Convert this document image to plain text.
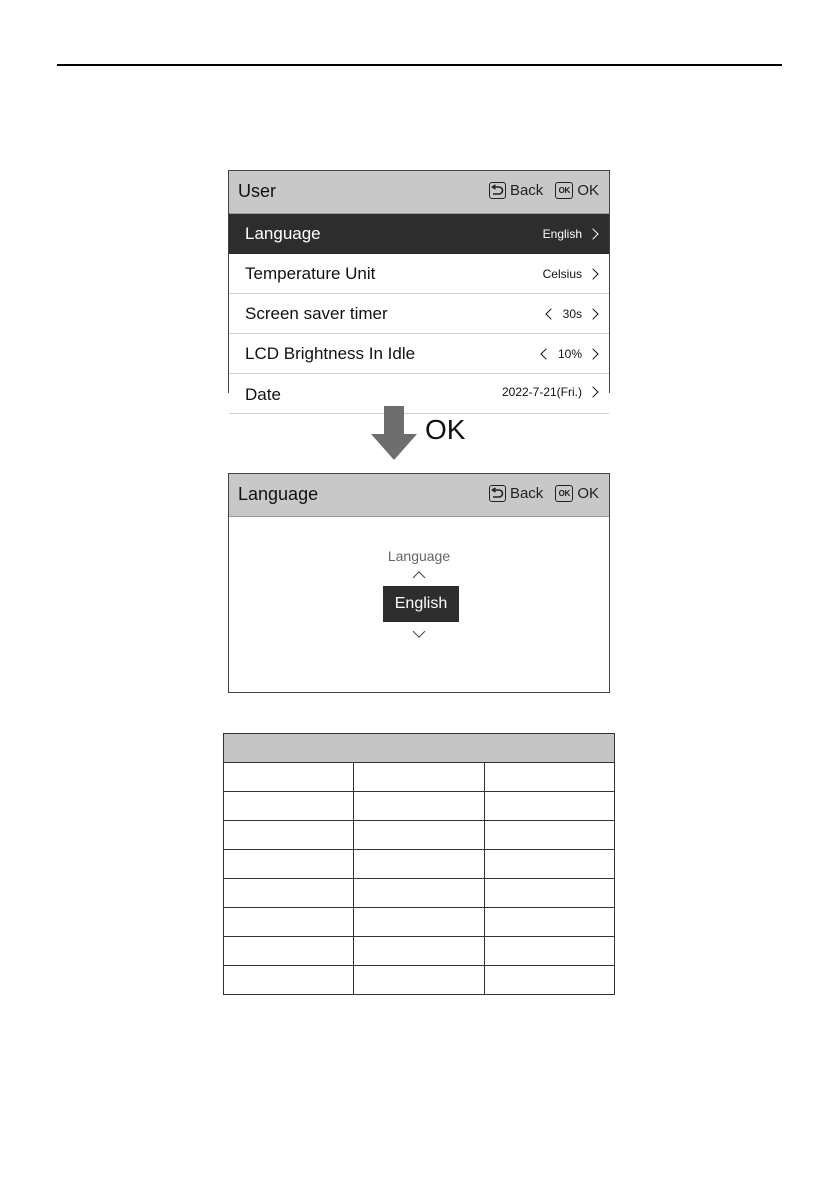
User	Back	OK OK
Language	English
Temperature Unit	Celsius
Screen saver timer	30s
LCD Brightness In Idle	10%
Date	2022-7-21(Fri.)
OK
Language	Back	OK OK
Language
English
